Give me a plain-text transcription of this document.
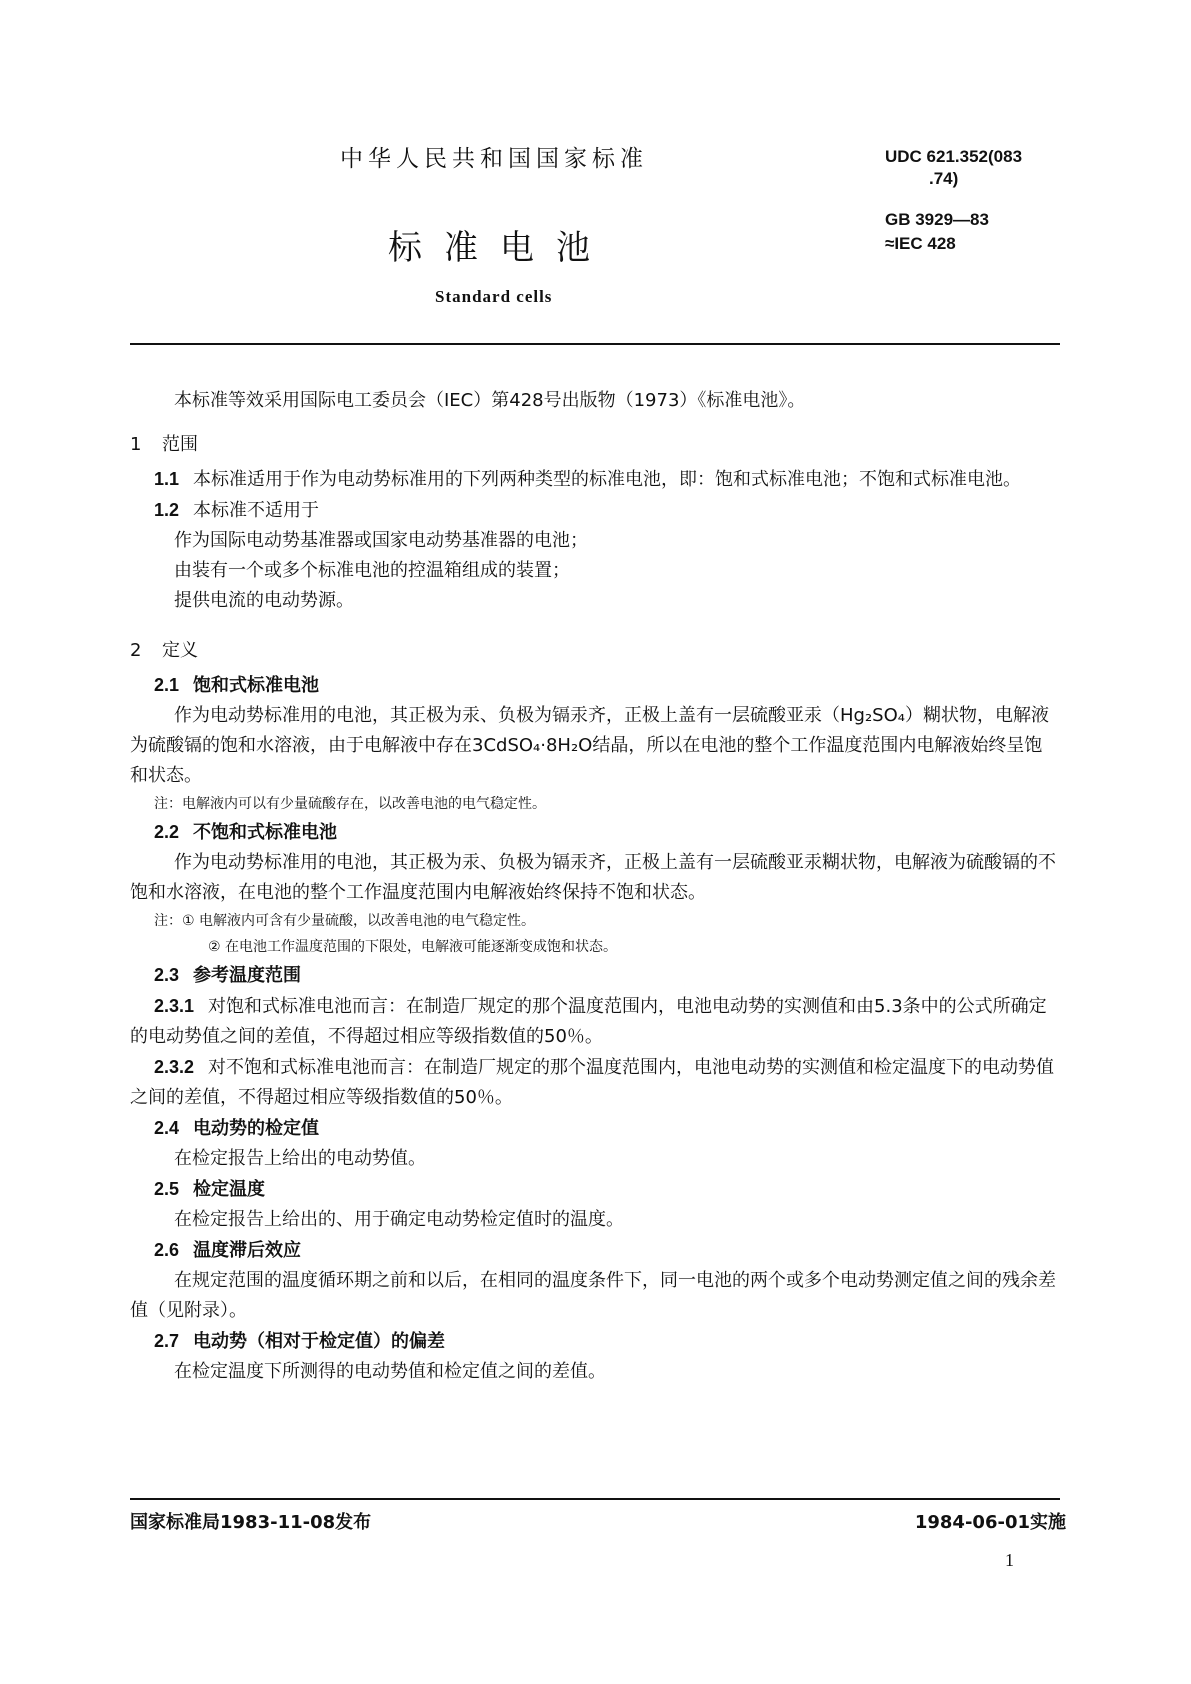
中华人民共和国国家标准	UDC 621.352(083
.74)
GB 3929—83
≈IEC 428
标准电池
Standard cells

本标准等效采用国际电工委员会（IEC）第428号出版物（1973）《标准电池》。

1 范围

1.1 本标准适用于作为电动势标准用的下列两种类型的标准电池，即：饱和式标准电池；不饱和式标准电池。

1.2 本标准不适用于

作为国际电动势基准器或国家电动势基准器的电池；

由装有一个或多个标准电池的控温箱组成的装置；

提供电流的电动势源。

2 定义

2.1 饱和式标准电池

作为电动势标准用的电池，其正极为汞、负极为镉汞齐，正极上盖有一层硫酸亚汞（Hg₂SO₄）糊状物，电解液为硫酸镉的饱和水溶液，由于电解液中存在3CdSO₄·8H₂O结晶，所以在电池的整个工作温度范围内电解液始终呈饱和状态。

注：电解液内可以有少量硫酸存在，以改善电池的电气稳定性。

2.2 不饱和式标准电池

作为电动势标准用的电池，其正极为汞、负极为镉汞齐，正极上盖有一层硫酸亚汞糊状物，电解液为硫酸镉的不饱和水溶液，在电池的整个工作温度范围内电解液始终保持不饱和状态。

注：① 电解液内可含有少量硫酸，以改善电池的电气稳定性。

② 在电池工作温度范围的下限处，电解液可能逐渐变成饱和状态。

2.3 参考温度范围

2.3.1 对饱和式标准电池而言：在制造厂规定的那个温度范围内，电池电动势的实测值和由5.3条中的公式所确定的电动势值之间的差值，不得超过相应等级指数值的50％。

2.3.2 对不饱和式标准电池而言：在制造厂规定的那个温度范围内，电池电动势的实测值和检定温度下的电动势值之间的差值，不得超过相应等级指数值的50％。

2.4 电动势的检定值

在检定报告上给出的电动势值。

2.5 检定温度

在检定报告上给出的、用于确定电动势检定值时的温度。

2.6 温度滞后效应

在规定范围的温度循环期之前和以后，在相同的温度条件下，同一电池的两个或多个电动势测定值之间的残余差值（见附录）。

2.7 电动势（相对于检定值）的偏差

在检定温度下所测得的电动势值和检定值之间的差值。

国家标准局1983-11-08发布	1984-06-01实施
1
